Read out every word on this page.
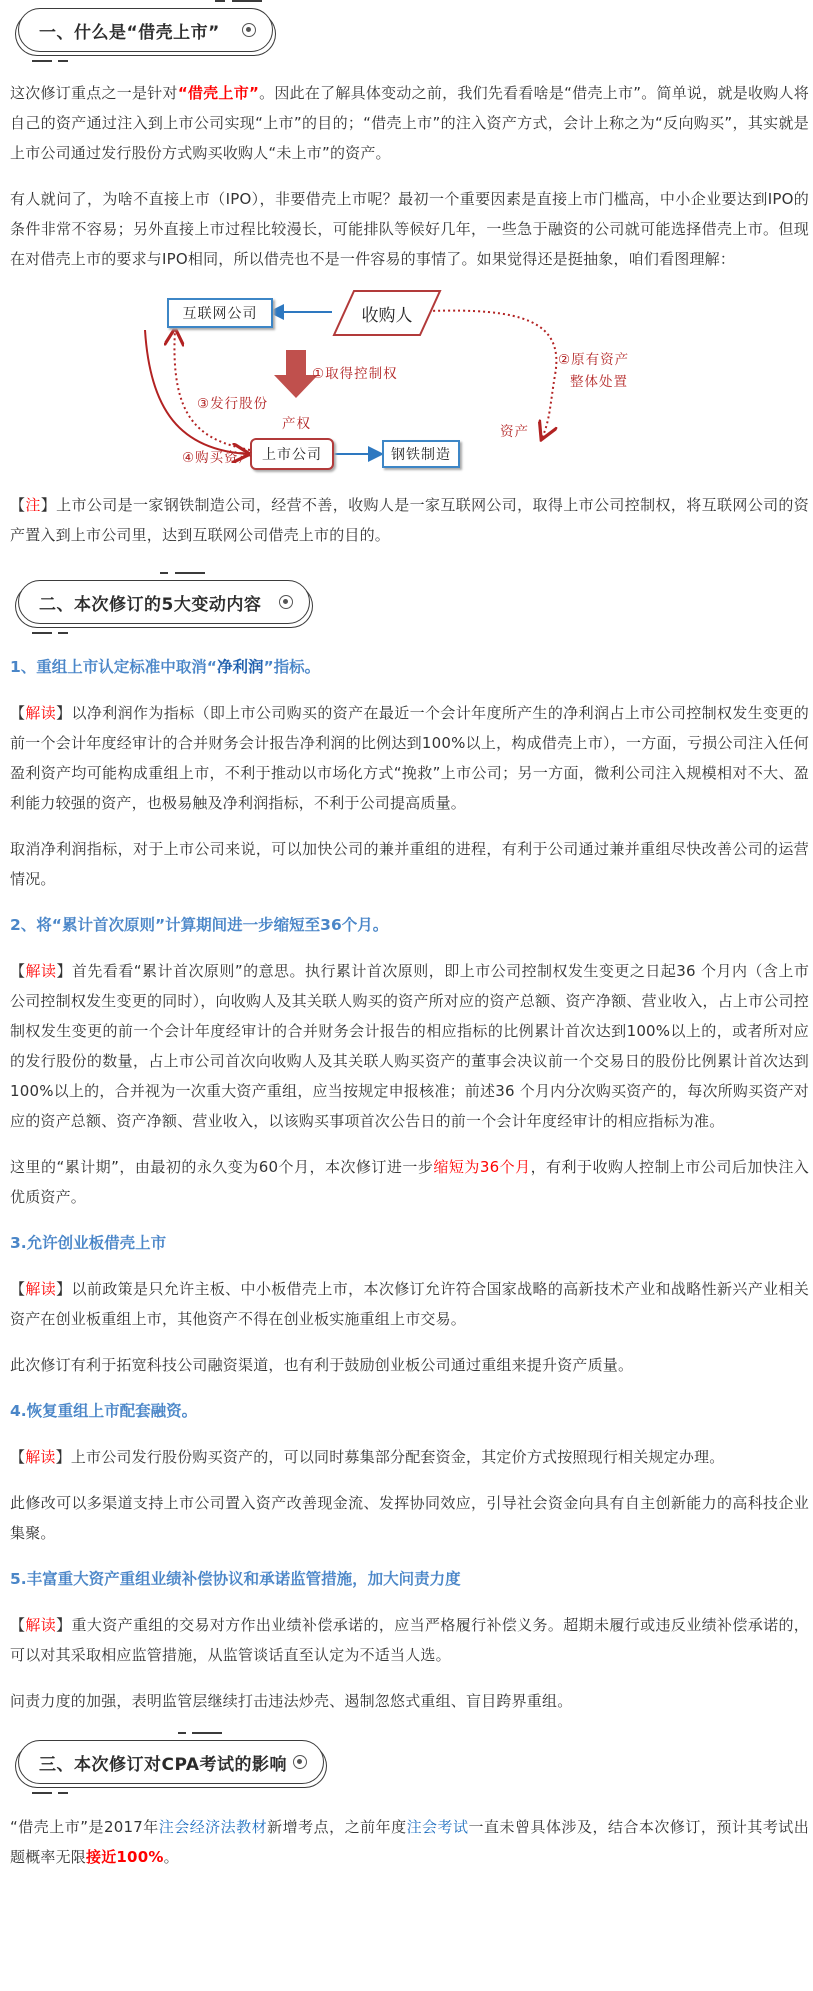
一、什么是“借壳上市”

这次修订重点之一是针对“借壳上市”。因此在了解具体变动之前，我们先看看啥是“借壳上市”。简单说，就是收购人将自己的资产通过注入到上市公司实现“上市”的目的；“借壳上市”的注入资产方式，会计上称之为“反向购买”，其实就是上市公司通过发行股份方式购买收购人“未上市”的资产。

有人就问了，为啥不直接上市（IPO），非要借壳上市呢？最初一个重要因素是直接上市门槛高，中小企业要达到IPO的条件非常不容易；另外直接上市过程比较漫长，可能排队等候好几年，一些急于融资的公司就可能选择借壳上市。但现在对借壳上市的要求与IPO相同，所以借壳也不是一件容易的事情了。如果觉得还是挺抽象，咱们看图理解：

互联网公司	收购人
上市公司	钢铁制造
①取得控制权
②原有资产
整体处置
③发行股份
④购买资产
产权	资产

【注】上市公司是一家钢铁制造公司，经营不善，收购人是一家互联网公司，取得上市公司控制权，将互联网公司的资产置入到上市公司里，达到互联网公司借壳上市的目的。

二、本次修订的5大变动内容
1、重组上市认定标准中取消“净利润”指标。

【解读】以净利润作为指标（即上市公司购买的资产在最近一个会计年度所产生的净利润占上市公司控制权发生变更的前一个会计年度经审计的合并财务会计报告净利润的比例达到100%以上，构成借壳上市），一方面，亏损公司注入任何盈利资产均可能构成重组上市，不利于推动以市场化方式“挽救”上市公司；另一方面，微利公司注入规模相对不大、盈利能力较强的资产，也极易触及净利润指标，不利于公司提高质量。

取消净利润指标，对于上市公司来说，可以加快公司的兼并重组的进程，有利于公司通过兼并重组尽快改善公司的运营情况。

2、将“累计首次原则”计算期间进一步缩短至36个月。

【解读】首先看看“累计首次原则”的意思。执行累计首次原则，即上市公司控制权发生变更之日起36 个月内（含上市公司控制权发生变更的同时），向收购人及其关联人购买的资产所对应的资产总额、资产净额、营业收入，占上市公司控制权发生变更的前一个会计年度经审计的合并财务会计报告的相应指标的比例累计首次达到100%以上的，或者所对应的发行股份的数量，占上市公司首次向收购人及其关联人购买资产的董事会决议前一个交易日的股份比例累计首次达到100%以上的，合并视为一次重大资产重组，应当按规定申报核准；前述36 个月内分次购买资产的，每次所购买资产对应的资产总额、资产净额、营业收入，以该购买事项首次公告日的前一个会计年度经审计的相应指标为准。

这里的“累计期”，由最初的永久变为60个月，本次修订进一步缩短为36个月，有利于收购人控制上市公司后加快注入优质资产。

3.允许创业板借壳上市

【解读】以前政策是只允许主板、中小板借壳上市，本次修订允许符合国家战略的高新技术产业和战略性新兴产业相关资产在创业板重组上市，其他资产不得在创业板实施重组上市交易。

此次修订有利于拓宽科技公司融资渠道，也有利于鼓励创业板公司通过重组来提升资产质量。

4.恢复重组上市配套融资。

【解读】上市公司发行股份购买资产的，可以同时募集部分配套资金，其定价方式按照现行相关规定办理。

此修改可以多渠道支持上市公司置入资产改善现金流、发挥协同效应，引导社会资金向具有自主创新能力的高科技企业集聚。

5.丰富重大资产重组业绩补偿协议和承诺监管措施，加大问责力度

【解读】重大资产重组的交易对方作出业绩补偿承诺的，应当严格履行补偿义务。超期未履行或违反业绩补偿承诺的，可以对其采取相应监管措施，从监管谈话直至认定为不适当人选。

问责力度的加强，表明监管层继续打击违法炒壳、遏制忽悠式重组、盲目跨界重组。

三、本次修订对CPA考试的影响

“借壳上市”是2017年注会经济法教材新增考点，之前年度注会考试一直未曾具体涉及，结合本次修订，预计其考试出题概率无限接近100%。
